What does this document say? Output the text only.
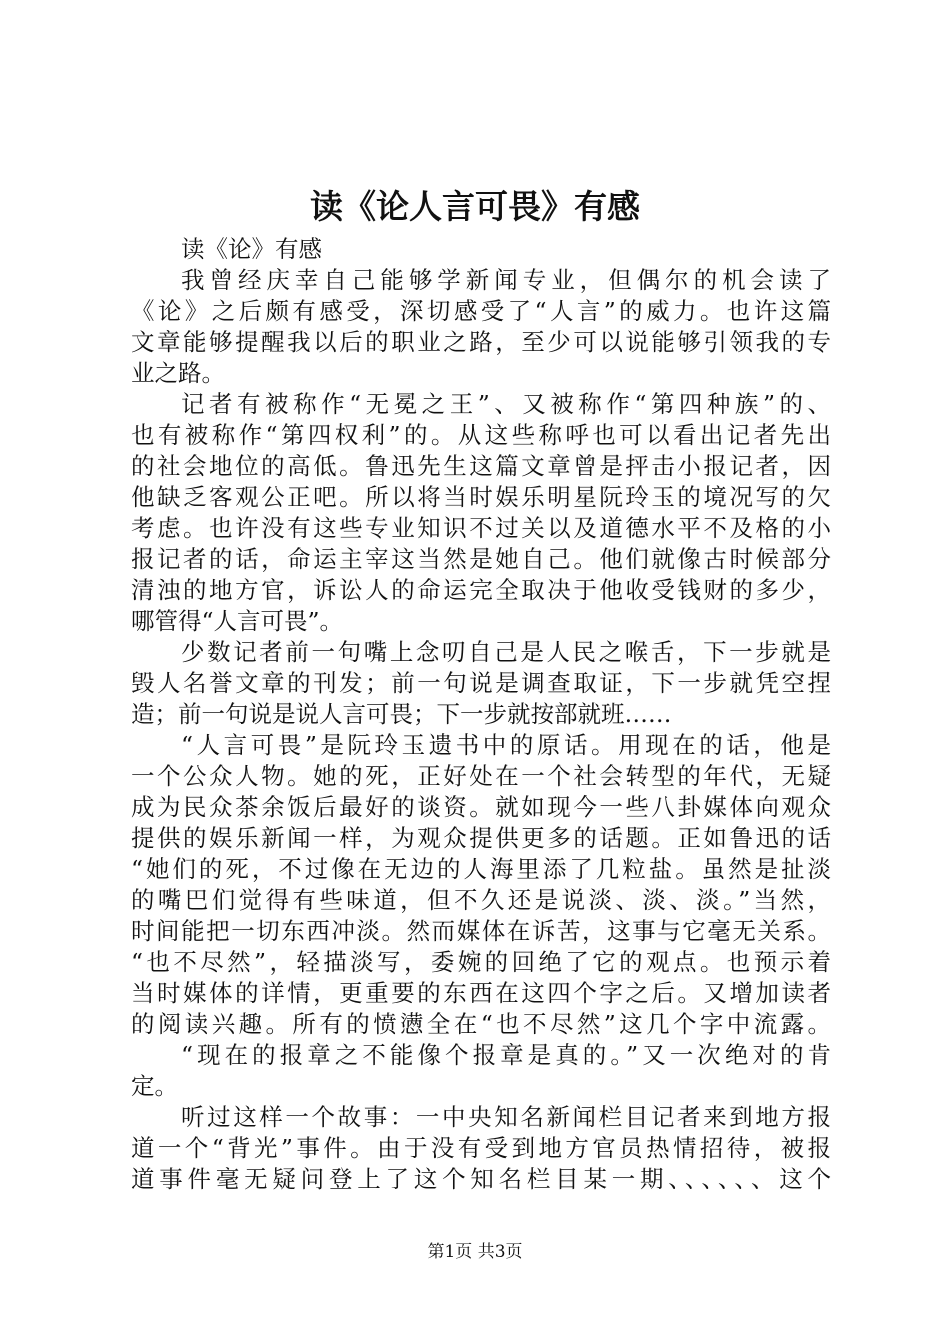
读《论人言可畏》有感
读《论》有感
我曾经庆幸自己能够学新闻专业，但偶尔的机会读了
《论》之后颇有感受，深切感受了“人言”的威力。也许这篇
文章能够提醒我以后的职业之路，至少可以说能够引领我的专
业之路。
记者有被称作“无冕之王”、又被称作“第四种族”的、
也有被称作“第四权利”的。从这些称呼也可以看出记者先出
的社会地位的高低。鲁迅先生这篇文章曾是抨击小报记者，因
他缺乏客观公正吧。所以将当时娱乐明星阮玲玉的境况写的欠
考虑。也许没有这些专业知识不过关以及道德水平不及格的小
报记者的话，命运主宰这当然是她自己。他们就像古时候部分
清浊的地方官，诉讼人的命运完全取决于他收受钱财的多少，
哪管得“人言可畏”。
少数记者前一句嘴上念叨自己是人民之喉舌，下一步就是
毁人名誉文章的刊发；前一句说是调查取证，下一步就凭空捏
造；前一句说是说人言可畏；下一步就按部就班……
“人言可畏”是阮玲玉遗书中的原话。用现在的话，他是
一个公众人物。她的死，正好处在一个社会转型的年代，无疑
成为民众茶余饭后最好的谈资。就如现今一些八卦媒体向观众
提供的娱乐新闻一样，为观众提供更多的话题。正如鲁迅的话
“她们的死，不过像在无边的人海里添了几粒盐。虽然是扯淡
的嘴巴们觉得有些味道，但不久还是说淡、淡、淡。”当然，
时间能把一切东西冲淡。然而媒体在诉苦，这事与它毫无关系。
“也不尽然”，轻描淡写，委婉的回绝了它的观点。也预示着
当时媒体的详情，更重要的东西在这四个字之后。又增加读者
的阅读兴趣。所有的愤懑全在“也不尽然”这几个字中流露。
“现在的报章之不能像个报章是真的。”又一次绝对的肯
定。
听过这样一个故事：一中央知名新闻栏目记者来到地方报
道一个“背光”事件。由于没有受到地方官员热情招待，被报
道事件毫无疑问登上了这个知名栏目某一期、、、、、、这个
第1页 共3页
